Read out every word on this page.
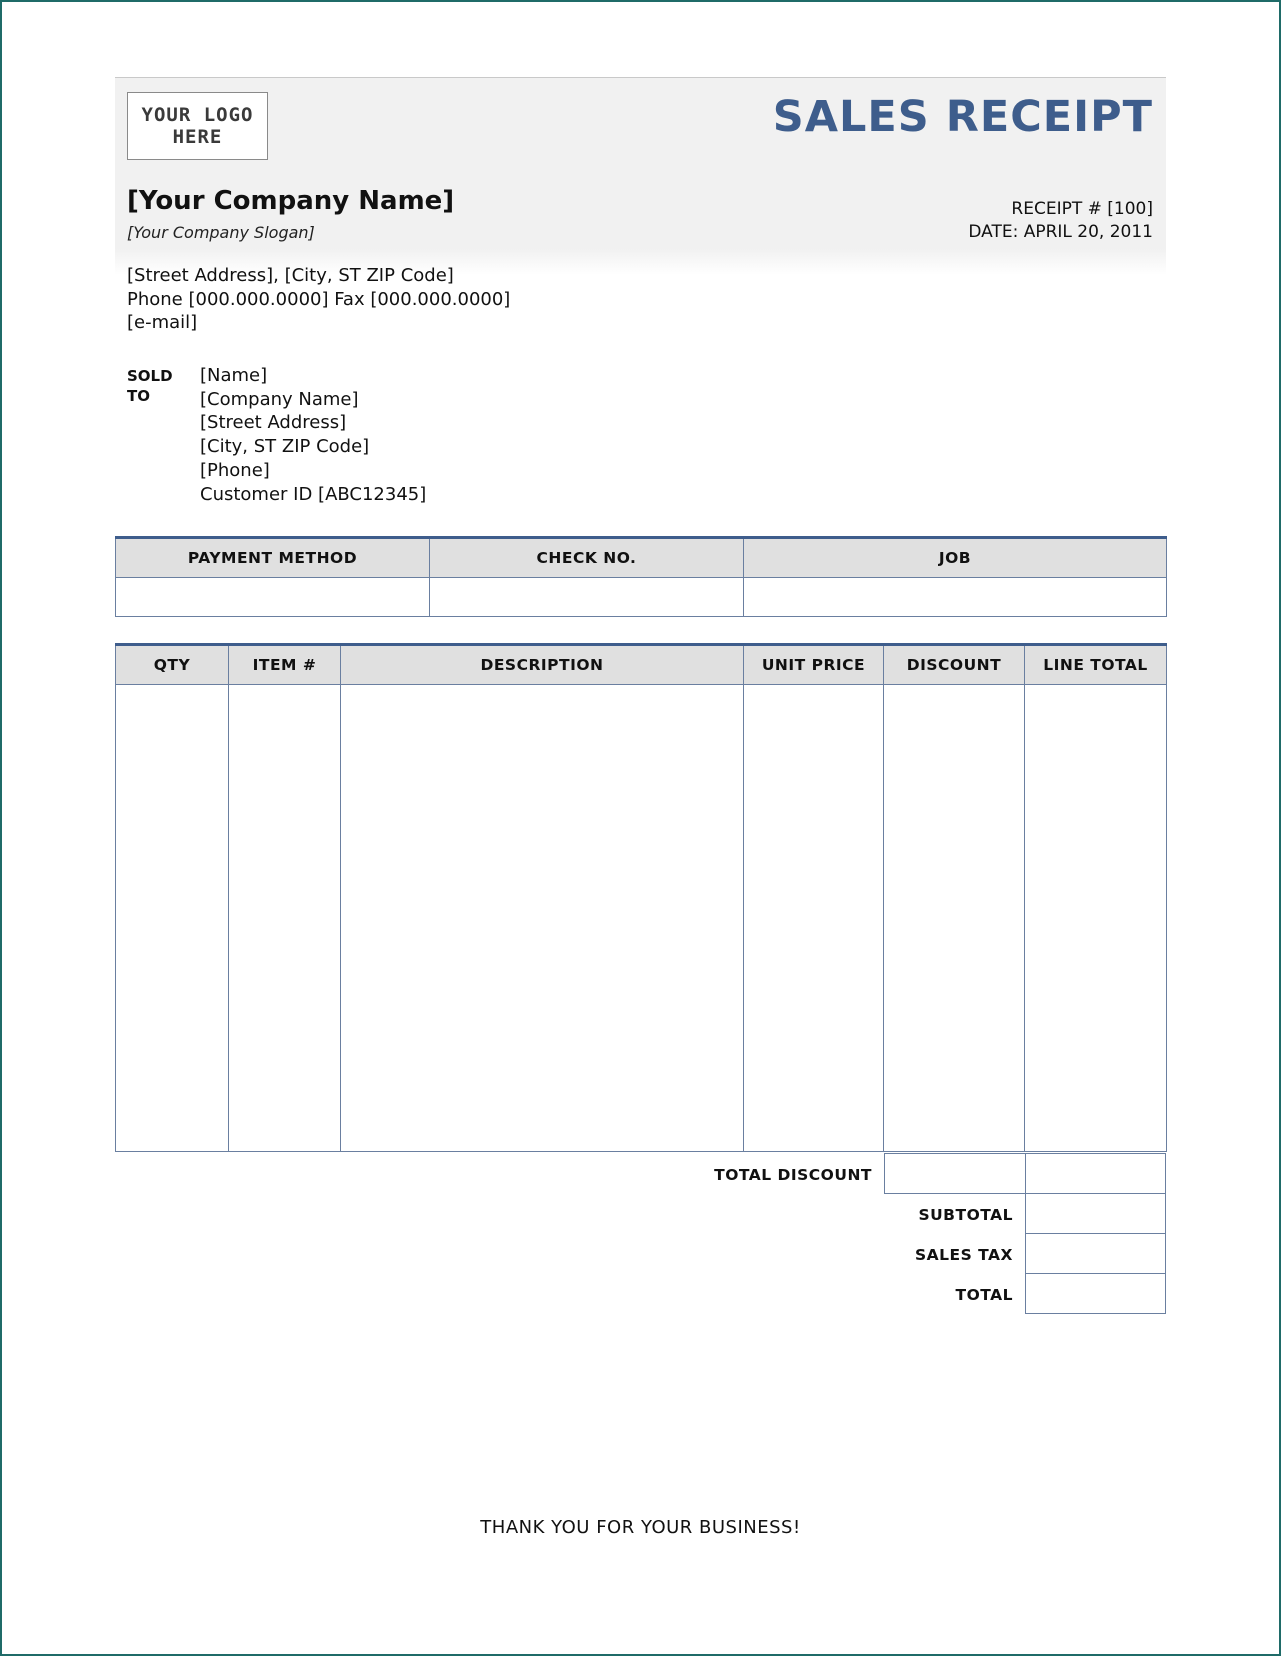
YOUR LOGO
HERE	SALES RECEIPT
[Your Company Name]
[Your Company Slogan]
RECEIPT # [100]
DATE: APRIL 20, 2011
[Street Address], [City, ST ZIP Code]
Phone [000.000.0000] Fax [000.000.0000]
[e-mail]
SOLD
TO
[Name]
[Company Name]
[Street Address]
[City, ST ZIP Code]
[Phone]
Customer ID [ABC12345]
PAYMENT METHOD	CHECK NO.	JOB

QTY	ITEM #	DESCRIPTION	UNIT PRICE	DISCOUNT	LINE TOTAL

TOTAL DISCOUNT
SUBTOTAL
SALES TAX
TOTAL
THANK YOU FOR YOUR BUSINESS!
